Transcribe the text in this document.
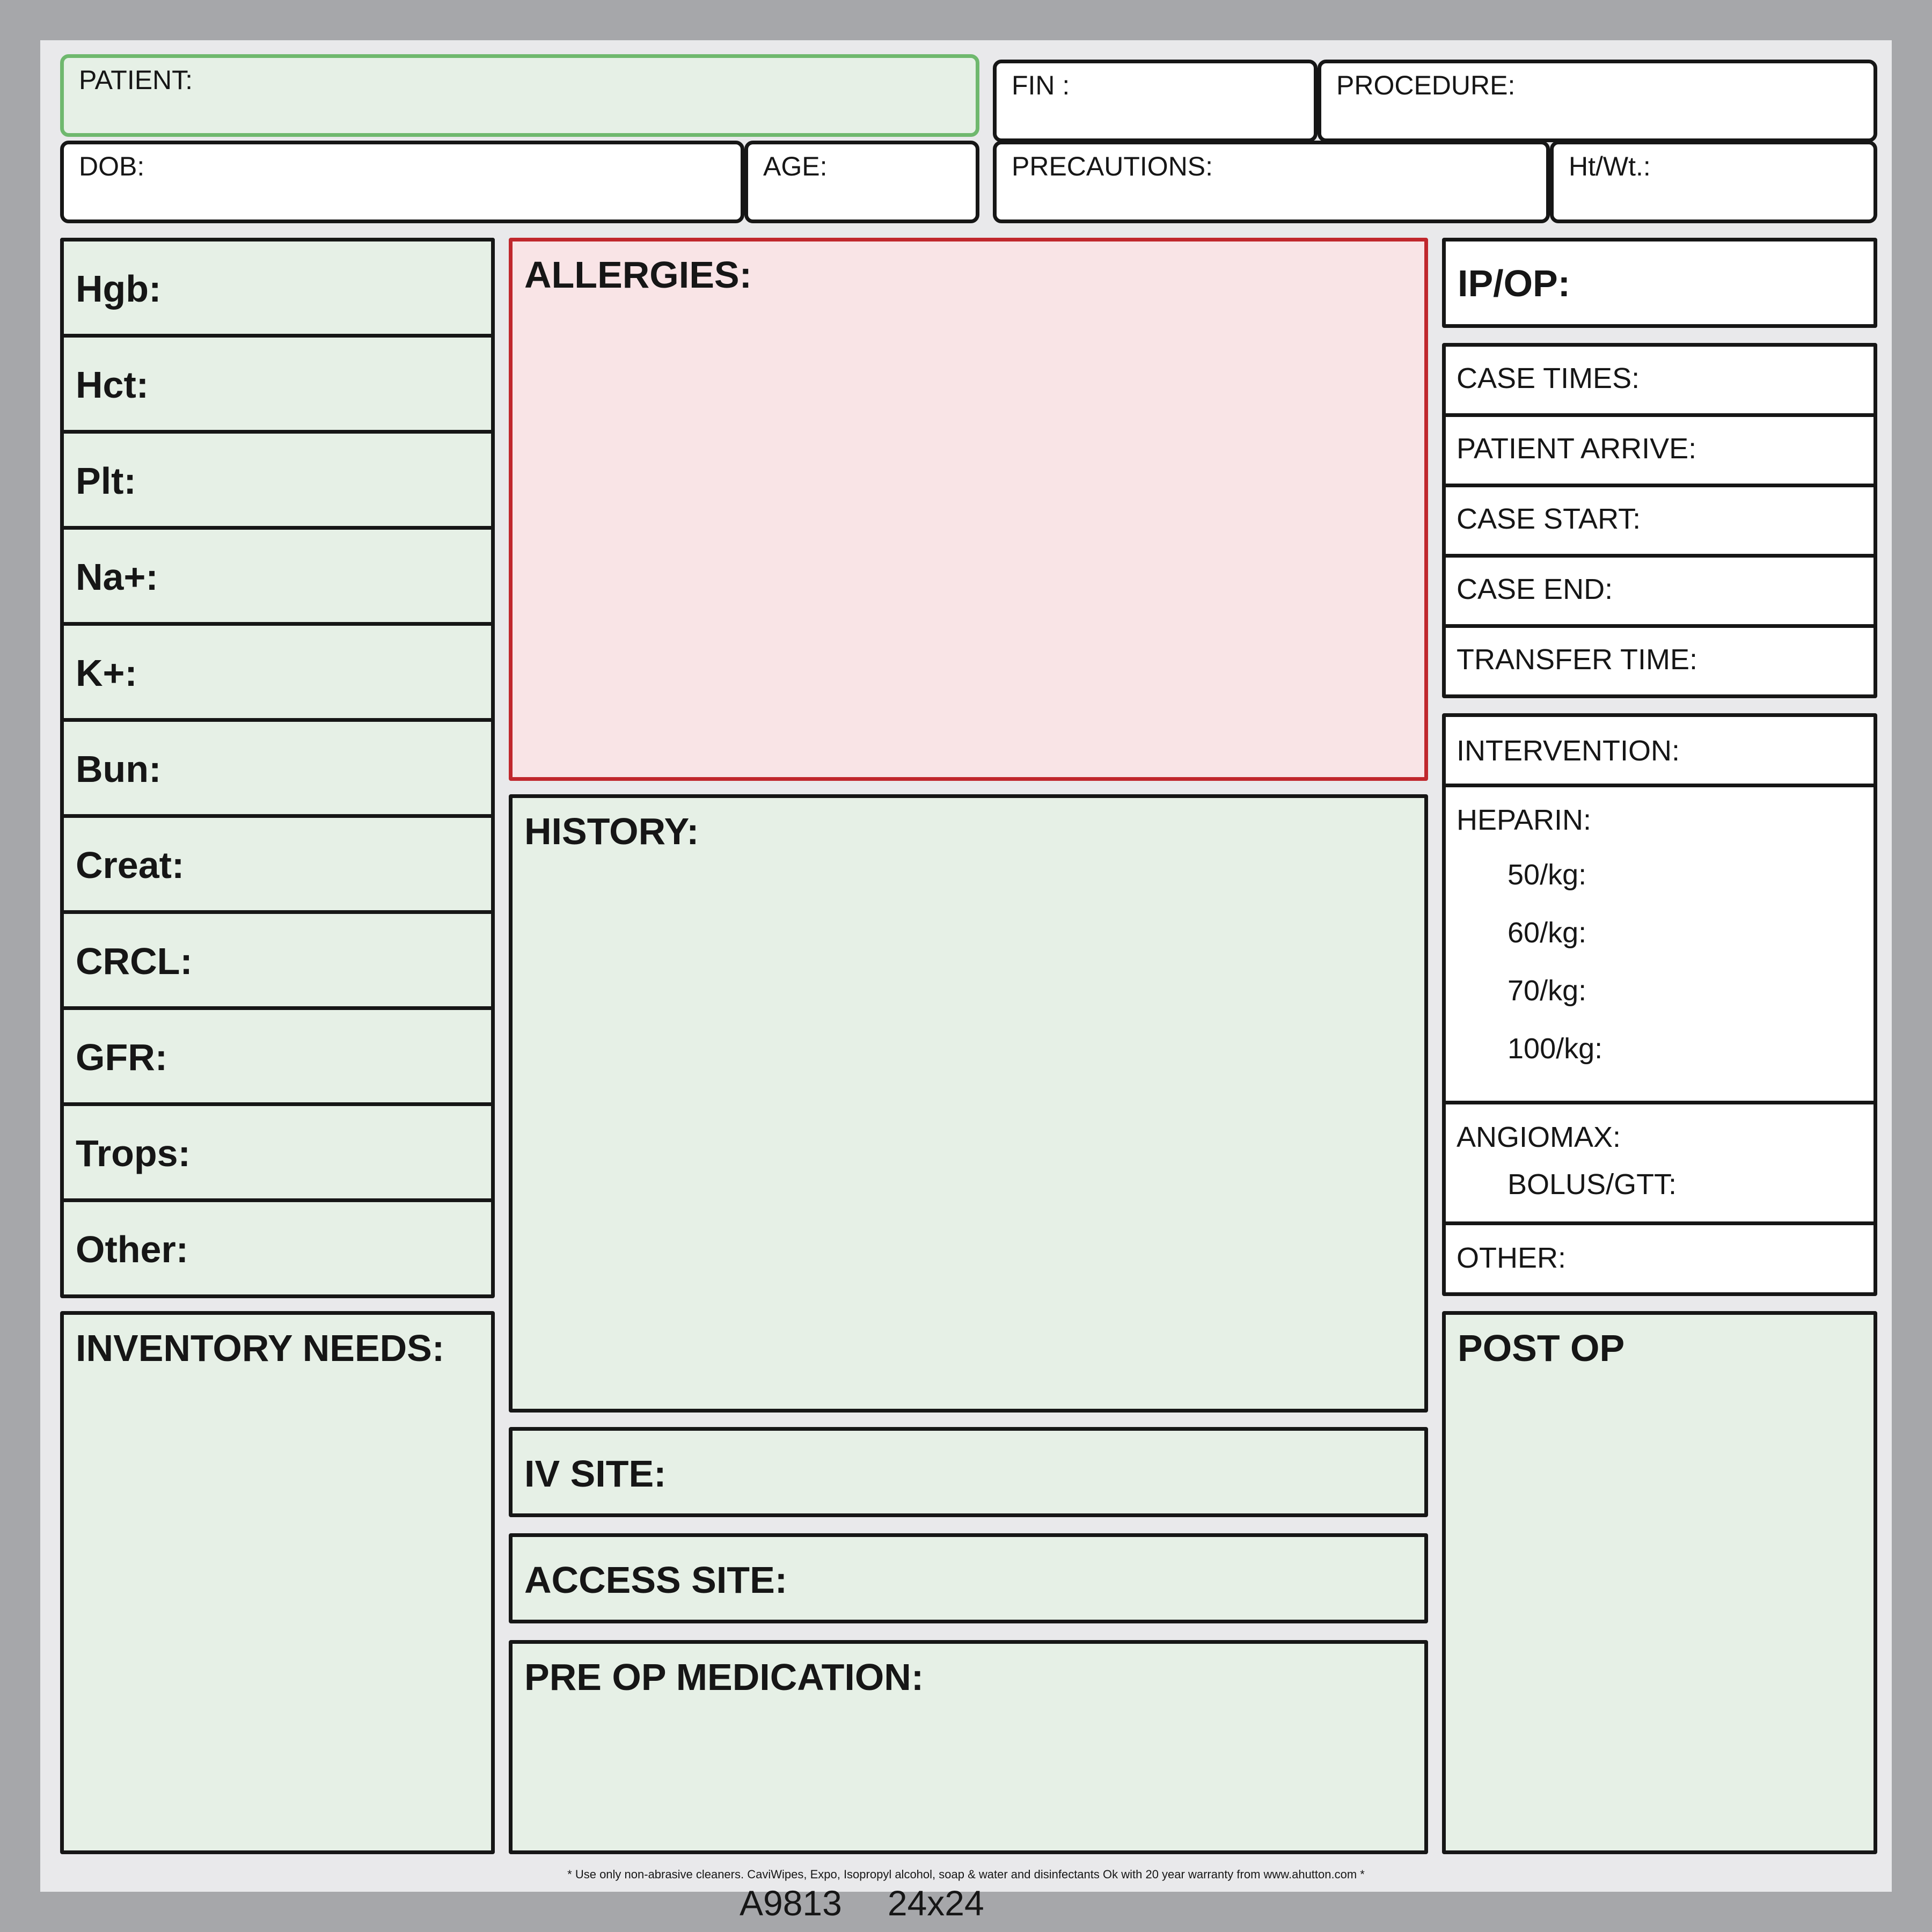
PATIENT:	FIN :	PROCEDURE:
DOB:	AGE:	PRECAUTIONS:	Ht/Wt.:
Hgb:
Hct:
Plt:
Na+:
K+:
Bun:
Creat:
CRCL:
GFR:
Trops:
Other:
INVENTORY NEEDS:
ALLERGIES:
HISTORY:
IV SITE:
ACCESS SITE:
PRE OP MEDICATION:
IP/OP:
CASE TIMES:
PATIENT ARRIVE:
CASE START:
CASE END:
TRANSFER TIME:
INTERVENTION:
HEPARIN:
50/kg:
60/kg:
70/kg:
100/kg:
ANGIOMAX:
BOLUS/GTT:
OTHER:
POST OP
* Use only non-abrasive cleaners. CaviWipes, Expo, Isopropyl alcohol, soap & water and disinfectants Ok with 20 year warranty from www.ahutton.com *
A9813   24x24
